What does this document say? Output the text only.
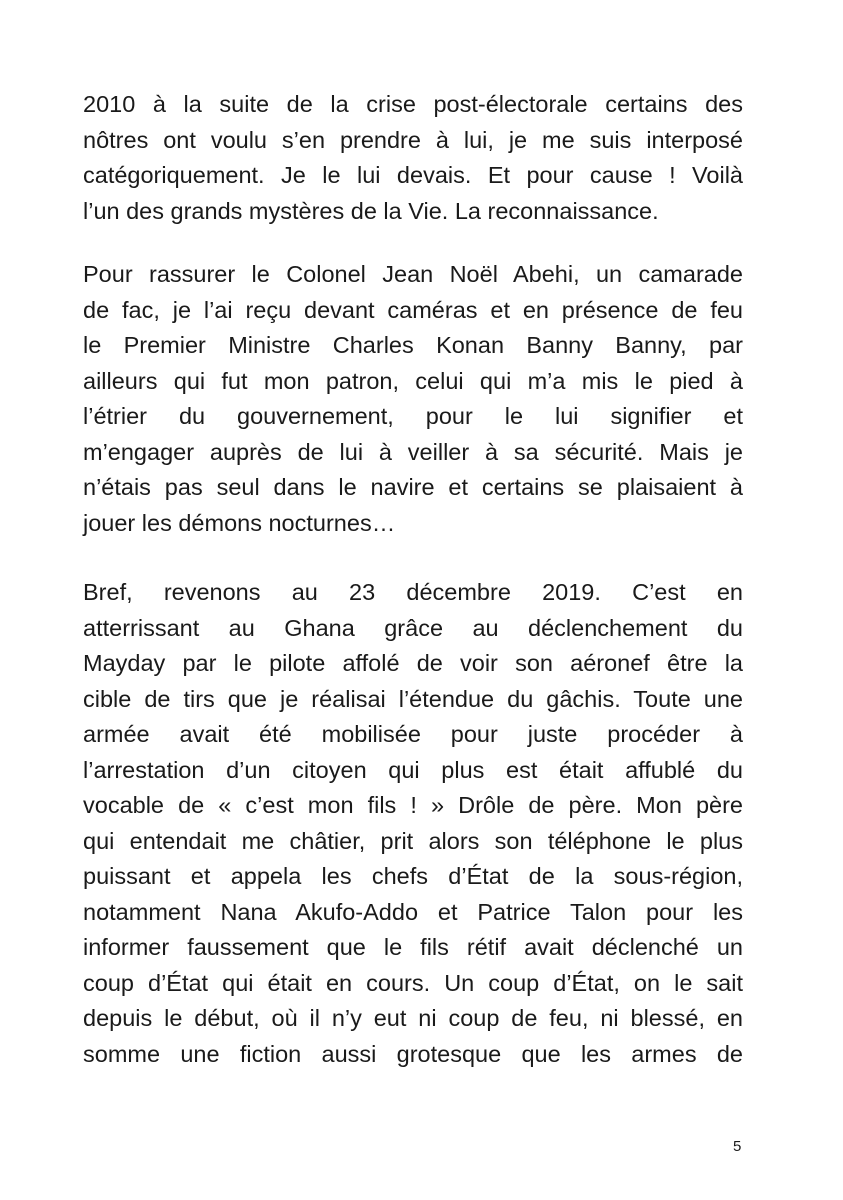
2010 à la suite de la crise post-électorale certains des
nôtres ont voulu s’en prendre à lui, je me suis interposé
catégoriquement. Je le lui devais. Et pour cause ! Voilà
l’un des grands mystères de la Vie. La reconnaissance.
Pour rassurer le Colonel Jean Noël Abehi, un camarade
de fac, je l’ai reçu devant caméras et en présence de feu
le Premier Ministre Charles Konan Banny Banny, par
ailleurs qui fut mon patron, celui qui m’a mis le pied à
l’étrier du gouvernement, pour le lui signifier et
m’engager auprès de lui à veiller à sa sécurité. Mais je
n’étais pas seul dans le navire et certains se plaisaient à
jouer les démons nocturnes…
Bref, revenons au 23 décembre 2019. C’est en
atterrissant au Ghana grâce au déclenchement du
Mayday par le pilote affolé de voir son aéronef être la
cible de tirs que je réalisai l’étendue du gâchis. Toute une
armée avait été mobilisée pour juste procéder à
l’arrestation d’un citoyen qui plus est était affublé du
vocable de « c’est mon fils ! » Drôle de père. Mon père
qui entendait me châtier, prit alors son téléphone le plus
puissant et appela les chefs d’État de la sous-région,
notamment Nana Akufo-Addo et Patrice Talon pour les
informer faussement que le fils rétif avait déclenché un
coup d’État qui était en cours. Un coup d’État, on le sait
depuis le début, où il n’y eut ni coup de feu, ni blessé, en
somme une fiction aussi grotesque que les armes de
5
